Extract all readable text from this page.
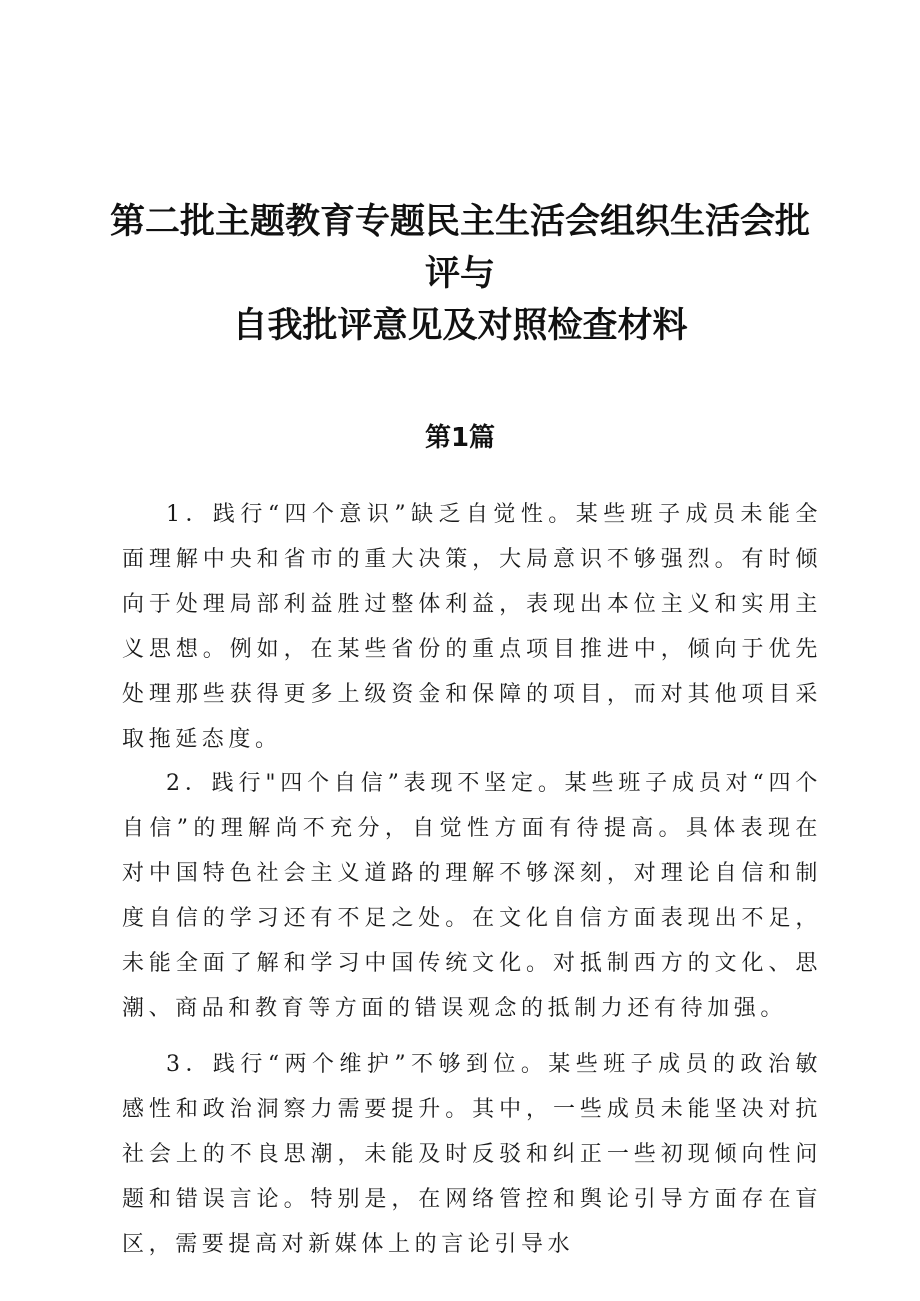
第二批主题教育专题民主生活会组织生活会批评与
自我批评意见及对照检查材料
第1篇

1．践行“四个意识”缺乏自觉性。某些班子成员未能全面理解中央和省市的重大决策，大局意识不够强烈。有时倾向于处理局部利益胜过整体利益，表现出本位主义和实用主义思想。例如，在某些省份的重点项目推进中，倾向于优先处理那些获得更多上级资金和保障的项目，而对其他项目采取拖延态度。

2．践行"四个自信”表现不坚定。某些班子成员对“四个自信”的理解尚不充分，自觉性方面有待提高。具体表现在对中国特色社会主义道路的理解不够深刻，对理论自信和制度自信的学习还有不足之处。在文化自信方面表现出不足，未能全面了解和学习中国传统文化。对抵制西方的文化、思潮、商品和教育等方面的错误观念的抵制力还有待加强。

3．践行“两个维护”不够到位。某些班子成员的政治敏感性和政治洞察力需要提升。其中，一些成员未能坚决对抗社会上的不良思潮，未能及时反驳和纠正一些初现倾向性问题和错误言论。特别是，在网络管控和舆论引导方面存在盲区，需要提高对新媒体上的言论引导水
